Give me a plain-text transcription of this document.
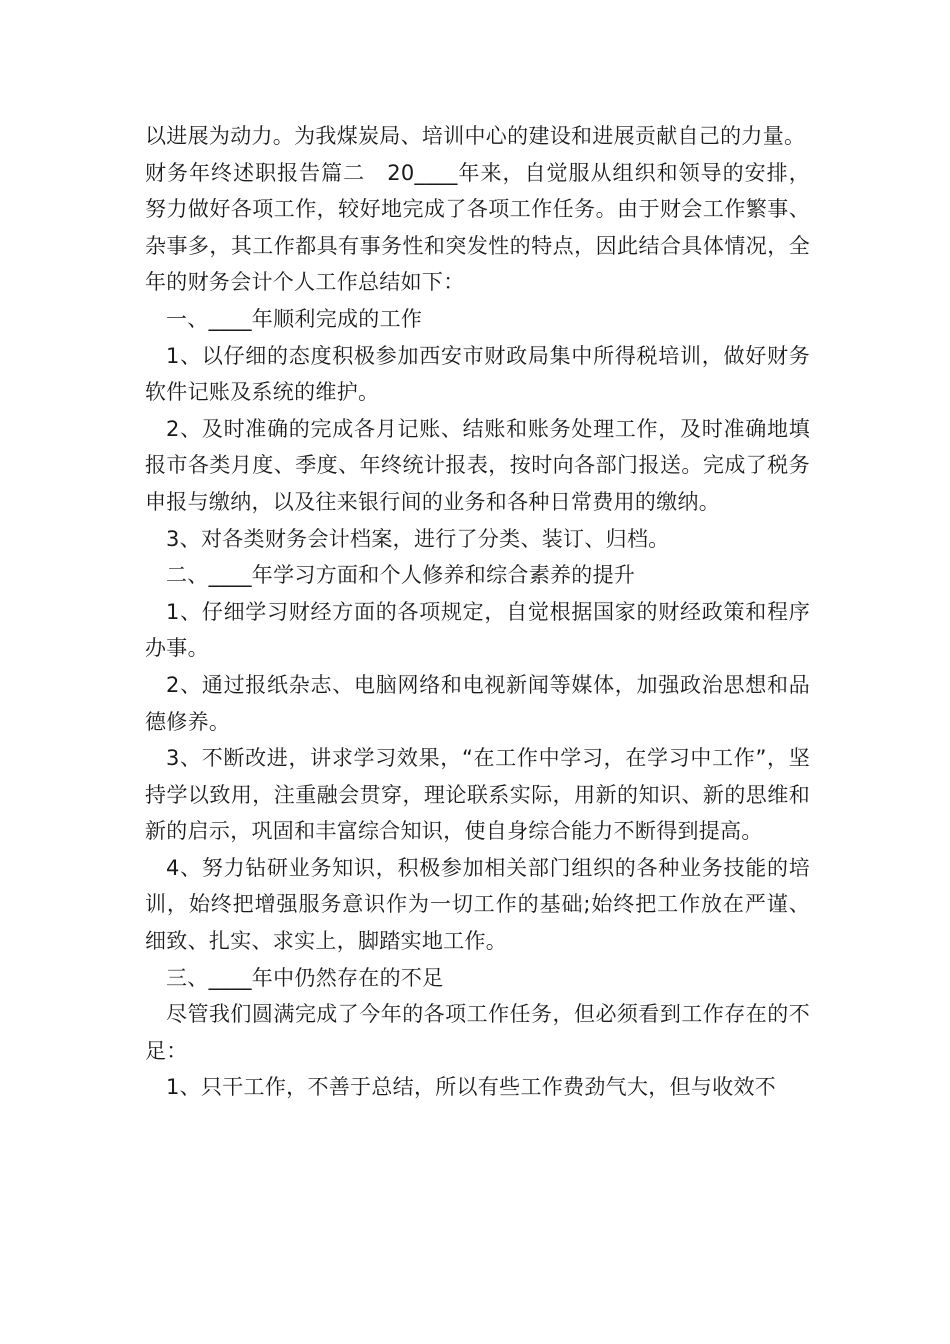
以进展为动力。为我煤炭局、培训中心的建设和进展贡献自己的力量。

财务年终述职报告篇二　20____年来，自觉服从组织和领导的安排，努力做好各项工作，较好地完成了各项工作任务。由于财会工作繁事、杂事多，其工作都具有事务性和突发性的特点，因此结合具体情况，全年的财务会计个人工作总结如下：

一、____年顺利完成的工作

1、以仔细的态度积极参加西安市财政局集中所得税培训，做好财务软件记账及系统的维护。

2、及时准确的完成各月记账、结账和账务处理工作，及时准确地填报市各类月度、季度、年终统计报表，按时向各部门报送。完成了税务申报与缴纳，以及往来银行间的业务和各种日常费用的缴纳。

3、对各类财务会计档案，进行了分类、装订、归档。

二、____年学习方面和个人修养和综合素养的提升

1、仔细学习财经方面的各项规定，自觉根据国家的财经政策和程序办事。

2、通过报纸杂志、电脑网络和电视新闻等媒体，加强政治思想和品德修养。

3、不断改进，讲求学习效果，“在工作中学习，在学习中工作”，坚持学以致用，注重融会贯穿，理论联系实际，用新的知识、新的思维和新的启示，巩固和丰富综合知识，使自身综合能力不断得到提高。

4、努力钻研业务知识，积极参加相关部门组织的各种业务技能的培训，始终把增强服务意识作为一切工作的基础;始终把工作放在严谨、细致、扎实、求实上，脚踏实地工作。

三、____年中仍然存在的不足

尽管我们圆满完成了今年的各项工作任务，但必须看到工作存在的不足：

1、只干工作，不善于总结，所以有些工作费劲气大，但与收效不
